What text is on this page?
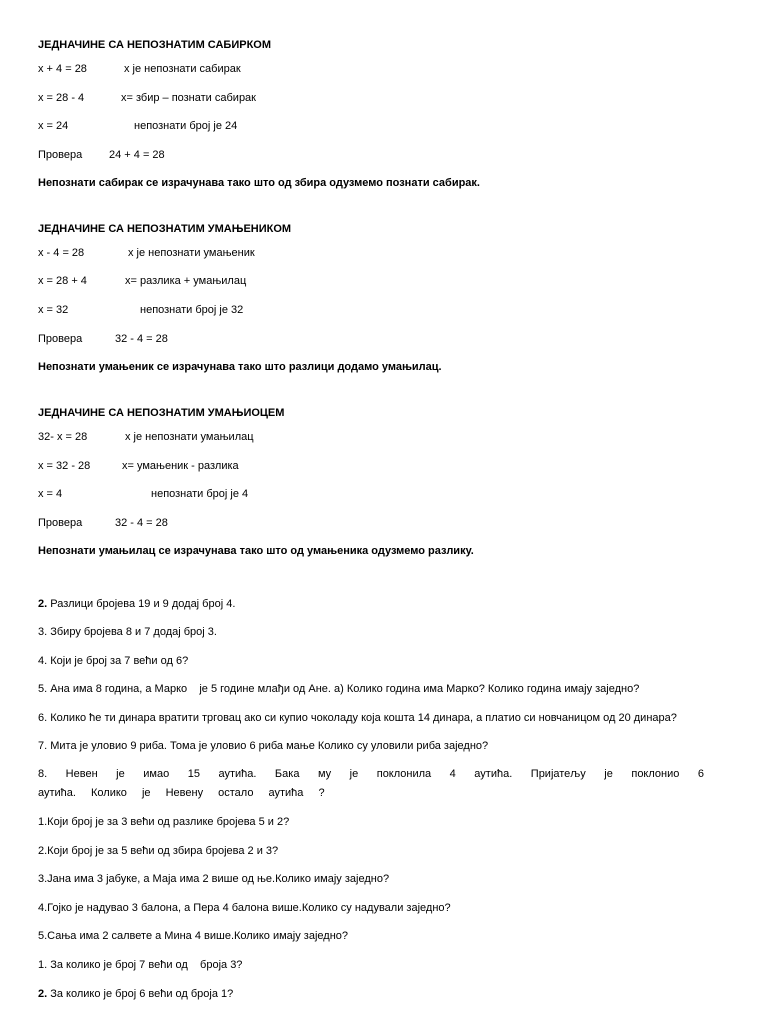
ЈЕДНАЧИНЕ СА НЕПОЗНАТИМ САБИРКОМ
x + 4 = 28	x је непознати сабирак
x = 28 - 4	x= збир – познати сабирак
x = 24	непознати број је 24
Провера 24 + 4 = 28
Непознати сабирак се израчунава тако што од збира одузмемо познати сабирак.
ЈЕДНАЧИНЕ СА НЕПОЗНАТИМ УМАЊЕНИКОМ
x - 4 = 28	x је непознати умањеник
x = 28 + 4	x= разлика + умањилац
x = 32	непознати број је 32
Провера	32 - 4 = 28
Непознати умањеник се израчунава тако што разлици додамо умањилац.
ЈЕДНАЧИНЕ СА НЕПОЗНАТИМ УМАЊИОЦЕМ
32- x = 28	x је непознати умањилац
x = 32 - 28	x= умањеник - разлика
x = 4	непознати број је 4
Провера	32 - 4 = 28
Непознати умањилац се израчунава тако што од умањеника одузмемо разлику.
2. Разлици бројева 19 и 9 додај број 4.
3. Збиру бројева 8 и 7 додај број 3.
4. Који је број за 7 већи од 6?
5. Ана има 8 година, а Марко    је 5 године млађи од Ане. а) Колико година има Марко? Колико година имају заједно?
6. Колико ће ти динара вратити трговац ако си купио чоколаду која кошта 14 динара, а платио си новчаницом од 20 динара?
7. Мита је уловио 9 риба. Тома је уловио 6 риба мање Колико су уловили риба заједно?
8. Невен је имао 15 аутића. Бака му је поклонила 4 аутића. Пријатељу је поклонио 6 аутића. Колико је Невену остало аутића ?
1.Који број је за 3 већи од разлике бројева 5 и 2?
2.Који број је за 5 већи од збира бројева 2 и 3?
3.Јана има 3 јабуке, а Маја има 2 више од ње.Колико имају заједно?
4.Гојко је надувао 3 балона, а Пера 4 балона више.Колико су надували заједно?
5.Сања има 2 салвете а Мина 4 више.Колико имају заједно?
1. За колико је број 7 већи од    броја 3?
2. За колико је број 6 већи од броја 1?
